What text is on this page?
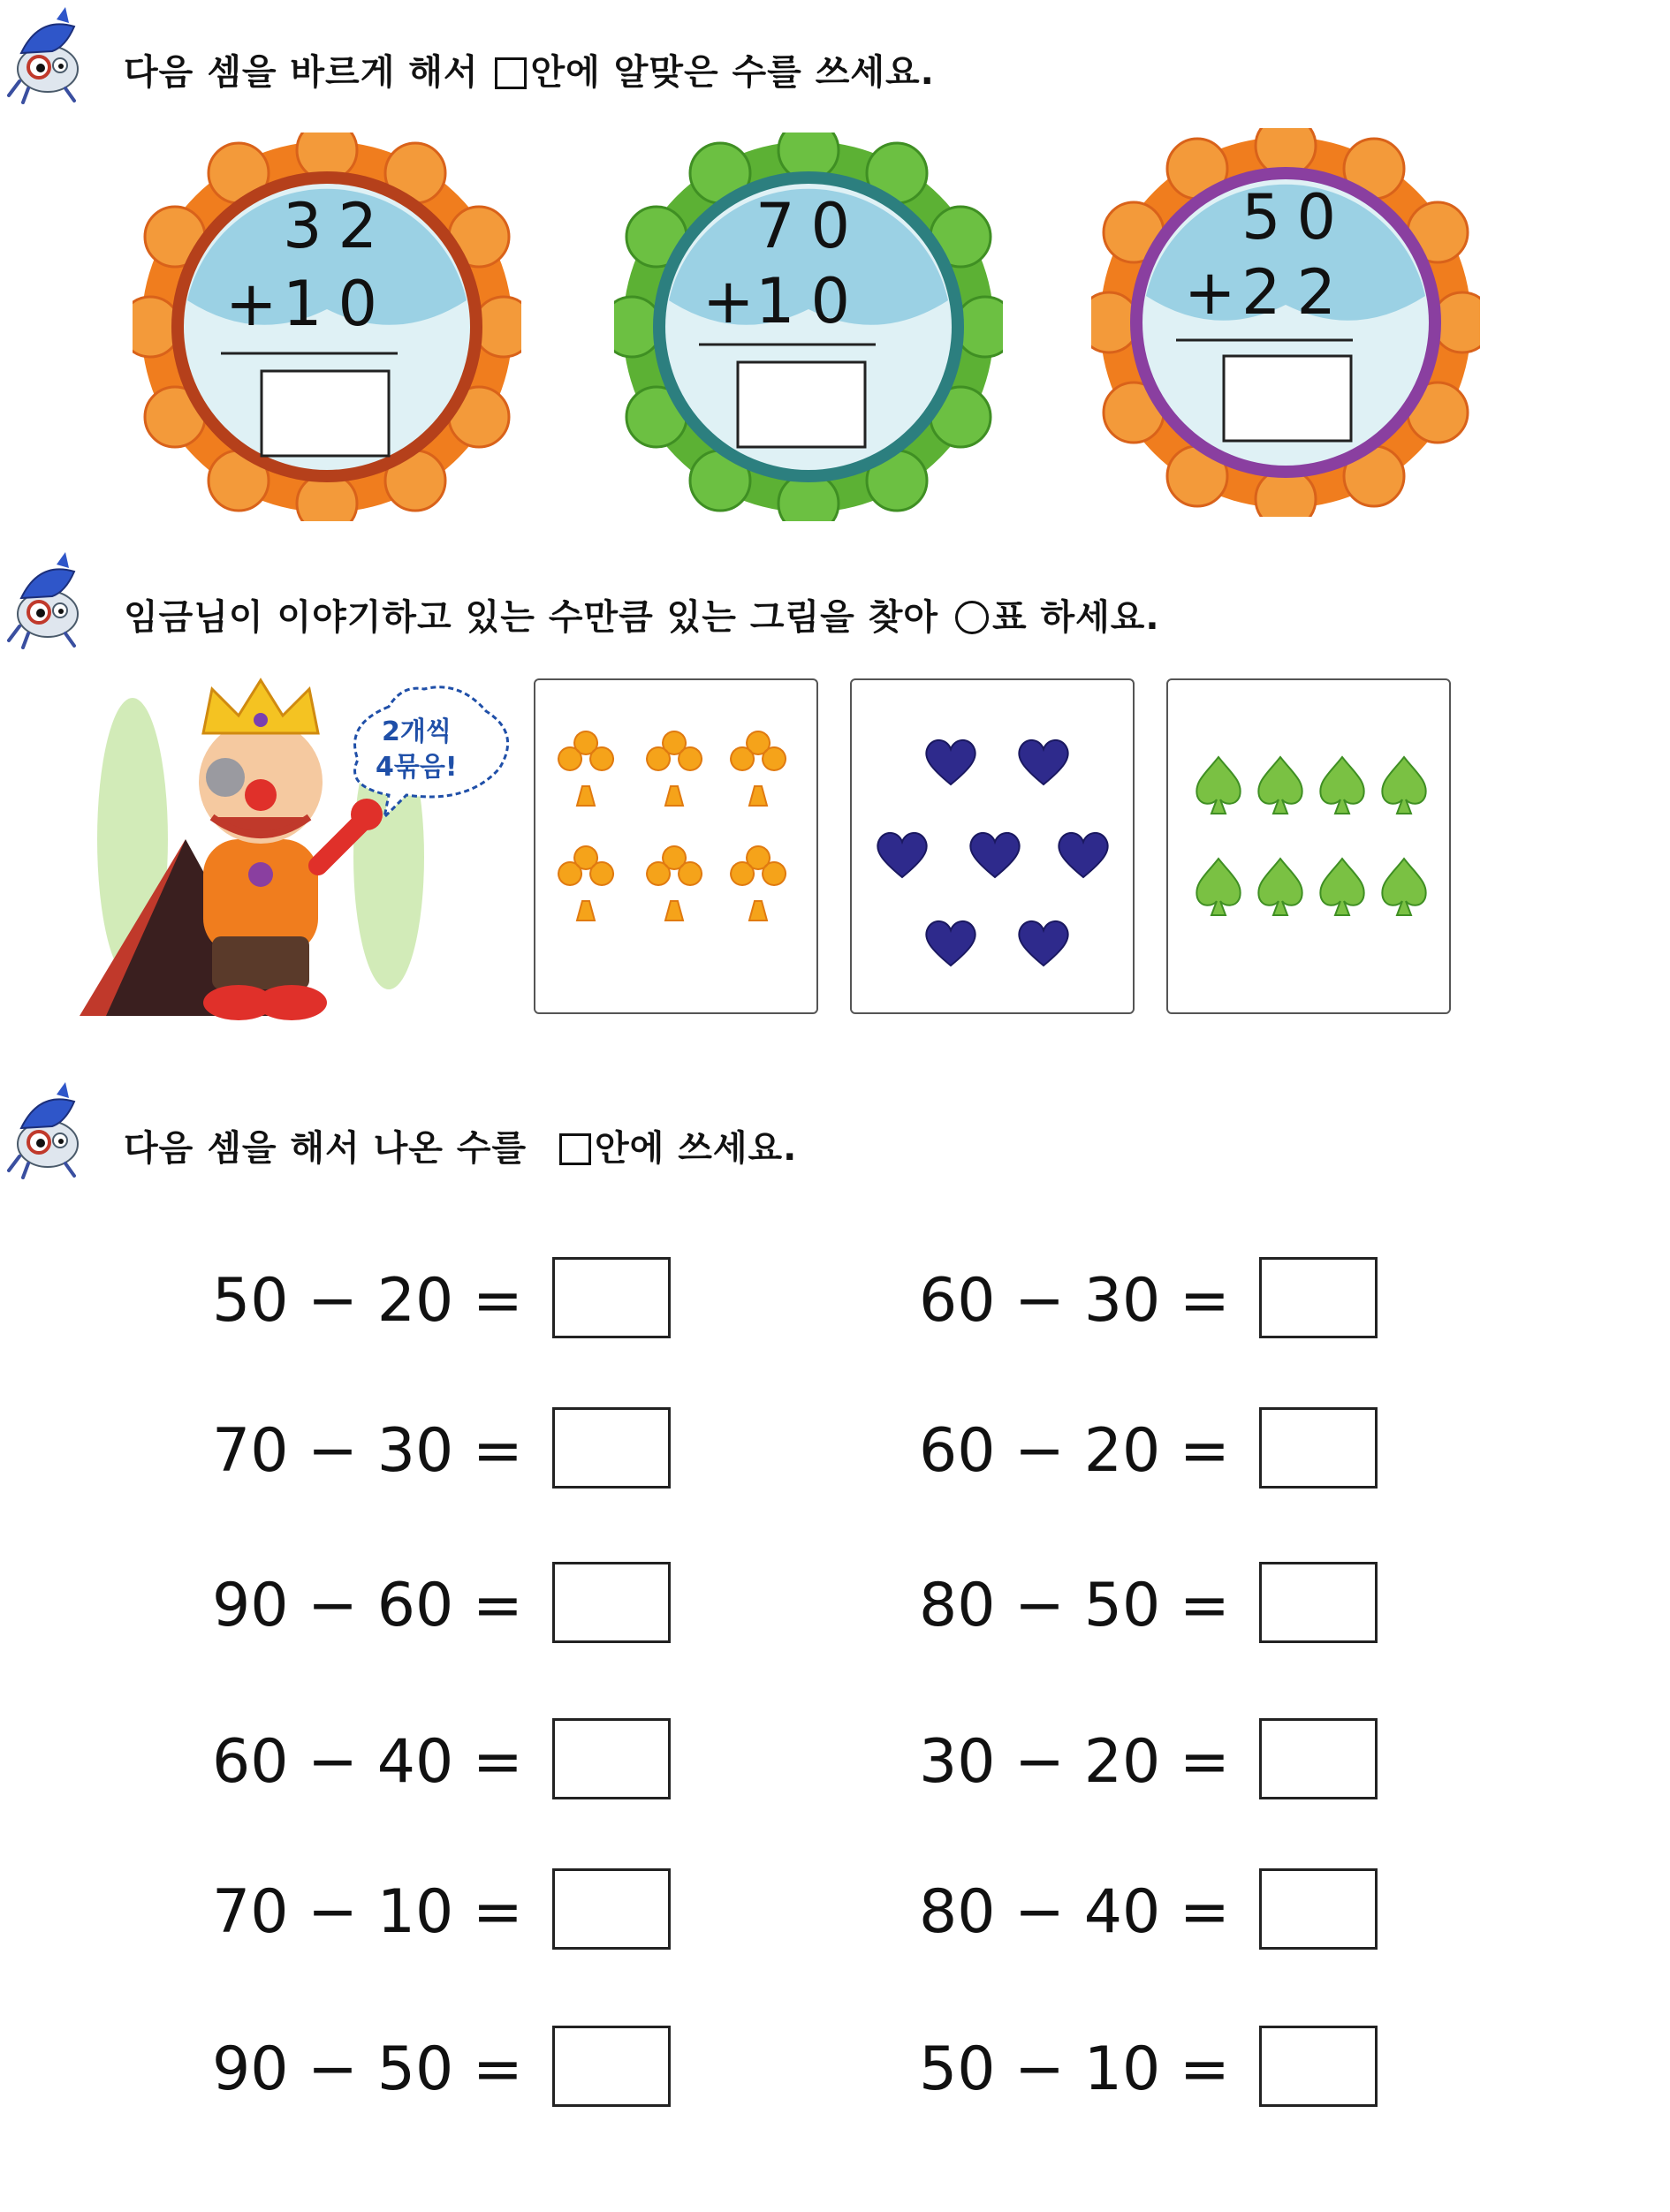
다음 셈을 바르게 해서 안에 알맞은 수를 쓰세요.
32
+
10
70
+
10
50
+
22
임금님이 이야기하고 있는 수만큼 있는 그림을 찾아 ○ 표 하세요.
2개씩
4묶음!
다음 셈을 해서 나온 수를 안에 쓰세요.
50 − 20 =
70 − 30 =
90 − 60 =
60 − 40 =
70 − 10 =
90 − 50 =
60 − 30 =
60 − 20 =
80 − 50 =
30 − 20 =
80 − 40 =
50 − 10 =
